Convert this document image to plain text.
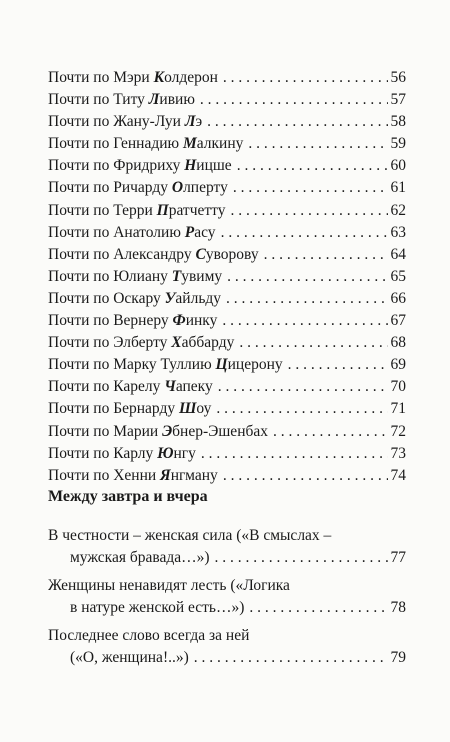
Почти по Мэри Колдерон . . .	56
Почти по Титу Ливию . . .	57
Почти по Жану-Луи Лэ . . .	58
Почти по Геннадию Малкину . . .	59
Почти по Фридриху Ницше . . .	60
Почти по Ричарду Олперту . . .	61
Почти по Терри Пратчетту . . .	62
Почти по Анатолию Расу . . .	63
Почти по Александру Суворову . . .	64
Почти по Юлиану Тувиму . . .	65
Почти по Оскару Уайльду . . .	66
Почти по Вернеру Финку . . .	67
Почти по Элберту Хаббарду . . .	68
Почти по Марку Туллию Цицерону . . .	69
Почти по Карелу Чапеку . . .	70
Почти по Бернарду Шоу . . .	71
Почти по Марии Эбнер-Эшенбах . . .	72
Почти по Карлу Юнгу . . .	73
Почти по Хенни Янгману . . .	74
Между завтра и вчера
В честности – женская сила («В смыслах –
мужская бравада…») . . .	77
Женщины ненавидят лесть («Логика
в натуре женской есть…») . . .	78
Последнее слово всегда за ней
(«О, женщина!..») . . .	79
